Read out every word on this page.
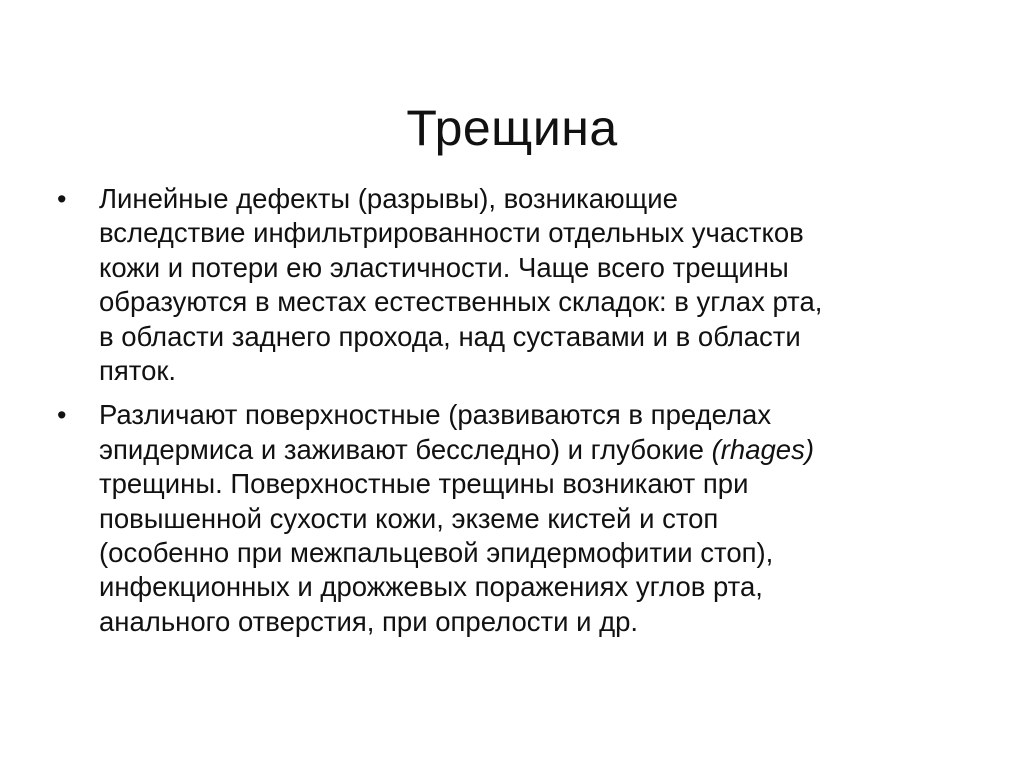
Трещина
•	Линейные дефекты (разрывы), возникающие
вследствие инфильтрированности отдельных участков
кожи и потери ею эластичности. Чаще всего трещины
образуются в местах естественных складок: в углах рта,
в области заднего прохода, над суставами и в области
пяток.
•	Различают поверхностные (развиваются в пределах
эпидермиса и заживают бесследно) и глубокие (rhages)
трещины. Поверхностные трещины возникают при
повышенной сухости кожи, экземе кистей и стоп
(особенно при межпальцевой эпидермофитии стоп),
инфекционных и дрожжевых поражениях углов рта,
анального отверстия, при опрелости и др.
